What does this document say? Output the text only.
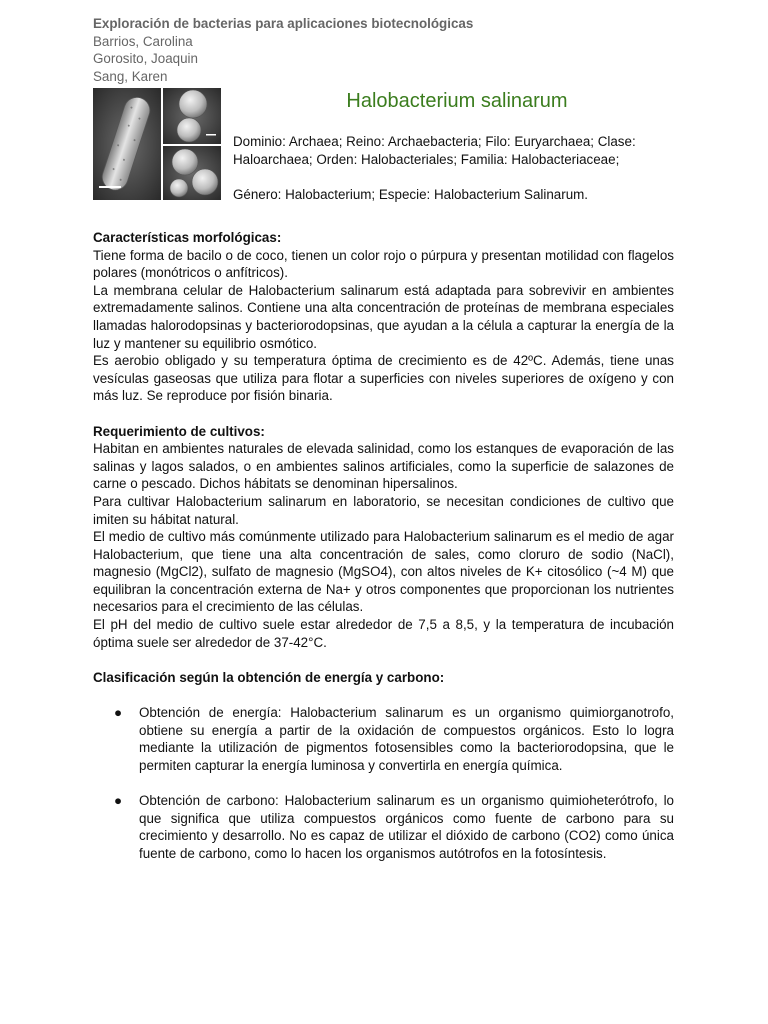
Exploración de bacterias para aplicaciones biotecnológicas
Barrios, Carolina
Gorosito, Joaquin
Sang, Karen
Halobacterium salinarum

Dominio: Archaea; Reino: Archaebacteria; Filo: Euryarchaea; Clase: Haloarchaea; Orden: Halobacteriales; Familia: Halobacteriaceae;

Género: Halobacterium; Especie: Halobacterium Salinarum.

Características morfológicas:

Tiene forma de bacilo o de coco, tienen un color rojo o púrpura y presentan motilidad con flagelos polares (monótricos o anfítricos).

La membrana celular de Halobacterium salinarum está adaptada para sobrevivir en ambientes extremadamente salinos. Contiene una alta concentración de proteínas de membrana especiales llamadas halorodopsinas y bacteriorodopsinas, que ayudan a la célula a capturar la energía de la luz y mantener su equilibrio osmótico.

Es aerobio obligado y su temperatura óptima de crecimiento es de 42ºC. Además, tiene unas vesículas gaseosas que utiliza para flotar a superficies con niveles superiores de oxígeno y con más luz. Se reproduce por fisión binaria.

Requerimiento de cultivos:

Habitan en ambientes naturales de elevada salinidad, como los estanques de evaporación de las salinas y lagos salados, o en ambientes salinos artificiales, como la superficie de salazones de carne o pescado. Dichos hábitats se denominan hipersalinos.

Para cultivar Halobacterium salinarum en laboratorio, se necesitan condiciones de cultivo que imiten su hábitat natural.

El medio de cultivo más comúnmente utilizado para Halobacterium salinarum es el medio de agar Halobacterium, que tiene una alta concentración de sales, como cloruro de sodio (NaCl), magnesio (MgCl2), sulfato de magnesio (MgSO4), con altos niveles de K+ citosólico (~4 M) que equilibran la concentración externa de Na+ y otros componentes que proporcionan los nutrientes necesarios para el crecimiento de las células.

El pH del medio de cultivo suele estar alrededor de 7,5 a 8,5, y la temperatura de incubación óptima suele ser alrededor de 37-42°C.

Clasificación según la obtención de energía y carbono:
● Obtención de energía: Halobacterium salinarum es un organismo quimiorganotrofo, obtiene su energía a partir de la oxidación de compuestos orgánicos. Esto lo logra mediante la utilización de pigmentos fotosensibles como la bacteriorodopsina, que le permiten capturar la energía luminosa y convertirla en energía química.
● Obtención de carbono: Halobacterium salinarum es un organismo quimioheterótrofo, lo que significa que utiliza compuestos orgánicos como fuente de carbono para su crecimiento y desarrollo. No es capaz de utilizar el dióxido de carbono (CO2) como única fuente de carbono, como lo hacen los organismos autótrofos en la fotosíntesis.
